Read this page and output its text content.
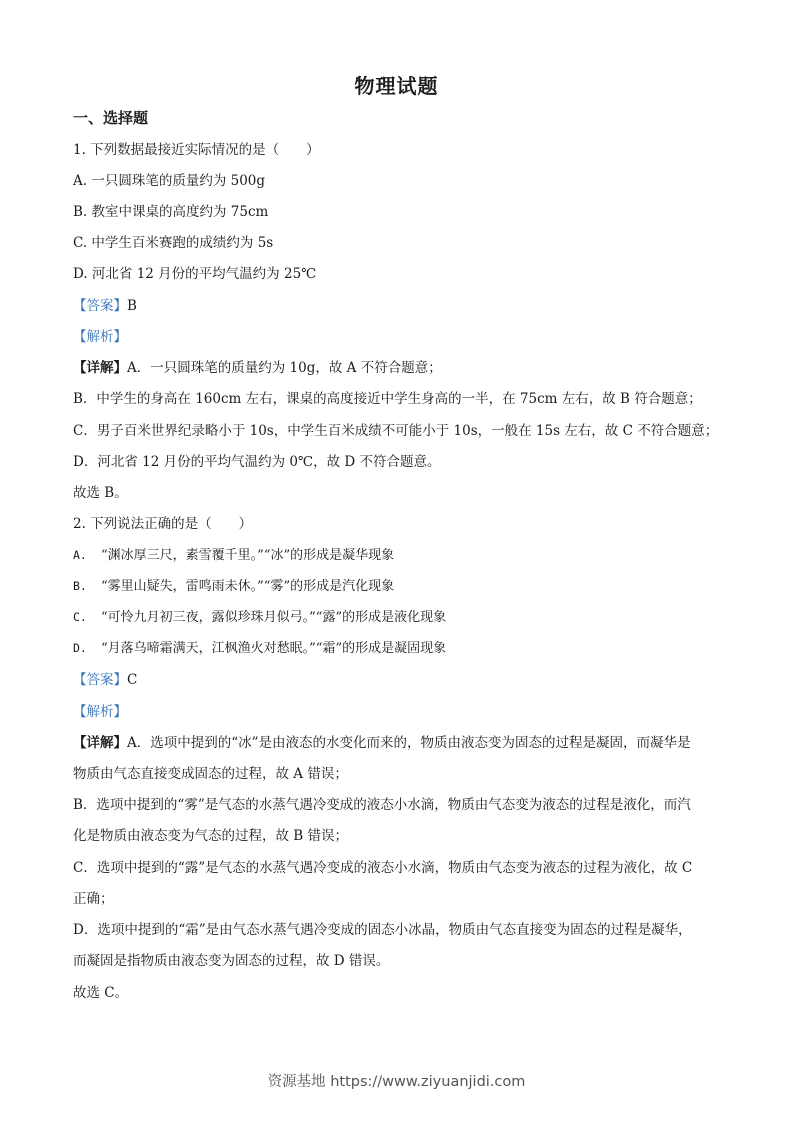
物理试题
一、选择题
1. 下列数据最接近实际情况的是（　　）
A. 一只圆珠笔的质量约为 500g
B. 教室中课桌的高度约为 75cm
C. 中学生百米赛跑的成绩约为 5s
D. 河北省 12 月份的平均气温约为 25℃
【答案】B
【解析】
【详解】A．一只圆珠笔的质量约为 10g，故 A 不符合题意；
B．中学生的身高在 160cm 左右，课桌的高度接近中学生身高的一半，在 75cm 左右，故 B 符合题意；
C．男子百米世界纪录略小于 10s，中学生百米成绩不可能小于 10s，一般在 15s 左右，故 C 不符合题意；
D．河北省 12 月份的平均气温约为 0℃，故 D 不符合题意。
故选 B。
2. 下列说法正确的是（　　）
A. “渊冰厚三尺，素雪覆千里。”“冰”的形成是凝华现象
B. “雾里山疑失，雷鸣雨未休。”“雾”的形成是汽化现象
C. “可怜九月初三夜，露似珍珠月似弓。”“露”的形成是液化现象
D. “月落乌啼霜满天，江枫渔火对愁眠。”“霜”的形成是凝固现象
【答案】C
【解析】
【详解】A．选项中提到的“冰”是由液态的水变化而来的，物质由液态变为固态的过程是凝固，而凝华是
物质由气态直接变成固态的过程，故 A 错误；
B．选项中提到的“雾”是气态的水蒸气遇冷变成的液态小水滴，物质由气态变为液态的过程是液化，而汽
化是物质由液态变为气态的过程，故 B 错误；
C．选项中提到的“露”是气态的水蒸气遇冷变成的液态小水滴，物质由气态变为液态的过程为液化，故 C
正确；
D．选项中提到的“霜”是由气态水蒸气遇冷变成的固态小冰晶，物质由气态直接变为固态的过程是凝华，
而凝固是指物质由液态变为固态的过程，故 D 错误。
故选 C。
资源基地 https://www.ziyuanjidi.com
